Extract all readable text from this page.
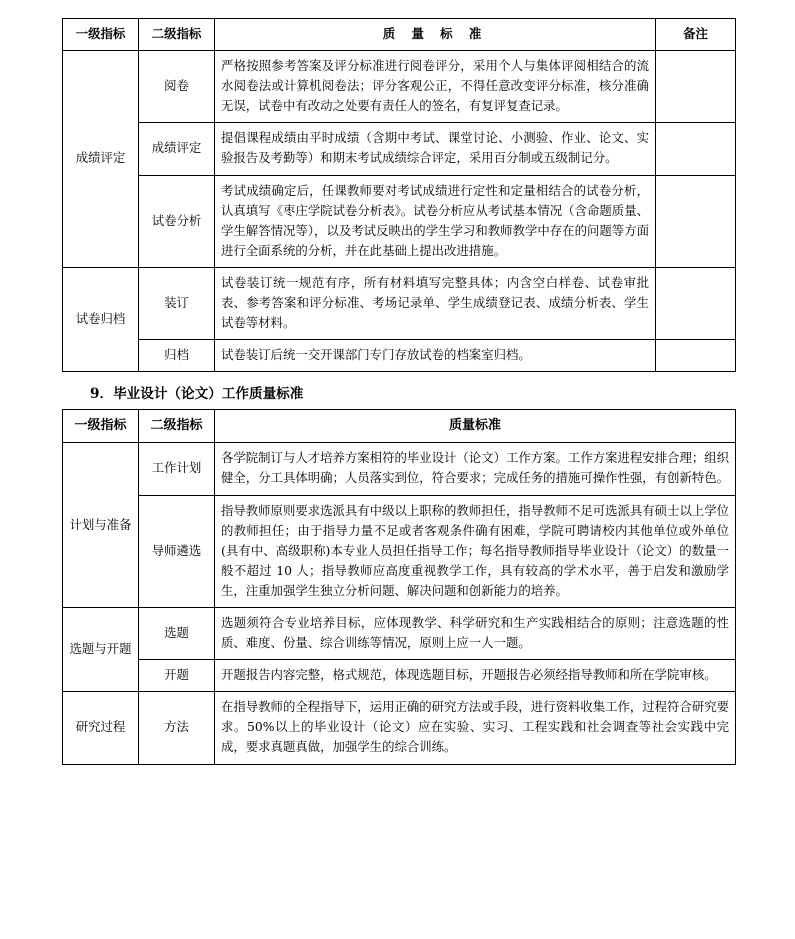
一级指标	二级指标	质 量 标 准	备注
成绩评定	阅卷	严格按照参考答案及评分标准进行阅卷评分，采用个人与集体评阅相结合的流水阅卷法或计算机阅卷法；评分客观公正，不得任意改变评分标准，核分准确无误，试卷中有改动之处要有责任人的签名，有复评复查记录。	
	成绩评定	提倡课程成绩由平时成绩（含期中考试、课堂讨论、小测验、作业、论文、实验报告及考勤等）和期末考试成绩综合评定，采用百分制或五级制记分。	
	试卷分析	考试成绩确定后，任课教师要对考试成绩进行定性和定量相结合的试卷分析，认真填写《枣庄学院试卷分析表》。试卷分析应从考试基本情况（含命题质量、学生解答情况等），以及考试反映出的学生学习和教师教学中存在的问题等方面进行全面系统的分析，并在此基础上提出改进措施。	
试卷归档	装订	试卷装订统一规范有序，所有材料填写完整具体；内含空白样卷、试卷审批表、参考答案和评分标准、考场记录单、学生成绩登记表、成绩分析表、学生试卷等材料。	
	归档	试卷装订后统一交开课部门专门存放试卷的档案室归档。	
9．毕业设计（论文）工作质量标准
一级指标	二级指标	质量标准
计划与准备	工作计划	各学院制订与人才培养方案相符的毕业设计（论文）工作方案。工作方案进程安排合理；组织健全，分工具体明确；人员落实到位，符合要求；完成任务的措施可操作性强，有创新特色。
	导师遴选	指导教师原则要求选派具有中级以上职称的教师担任，指导教师不足可选派具有硕士以上学位的教师担任；由于指导力量不足或者客观条件确有困难，学院可聘请校内其他单位或外单位(具有中、高级职称)本专业人员担任指导工作；每名指导教师指导毕业设计（论文）的数量一般不超过 10 人；指导教师应高度重视教学工作，具有较高的学术水平，善于启发和激励学生，注重加强学生独立分析问题、解决问题和创新能力的培养。
选题与开题	选题	选题须符合专业培养目标，应体现教学、科学研究和生产实践相结合的原则；注意选题的性质、难度、份量、综合训练等情况，原则上应一人一题。
	开题	开题报告内容完整，格式规范，体现选题目标，开题报告必须经指导教师和所在学院审核。
研究过程	方法	在指导教师的全程指导下，运用正确的研究方法或手段，进行资料收集工作，过程符合研究要求。50%以上的毕业设计（论文）应在实验、实习、工程实践和社会调查等社会实践中完成，要求真题真做，加强学生的综合训练。
